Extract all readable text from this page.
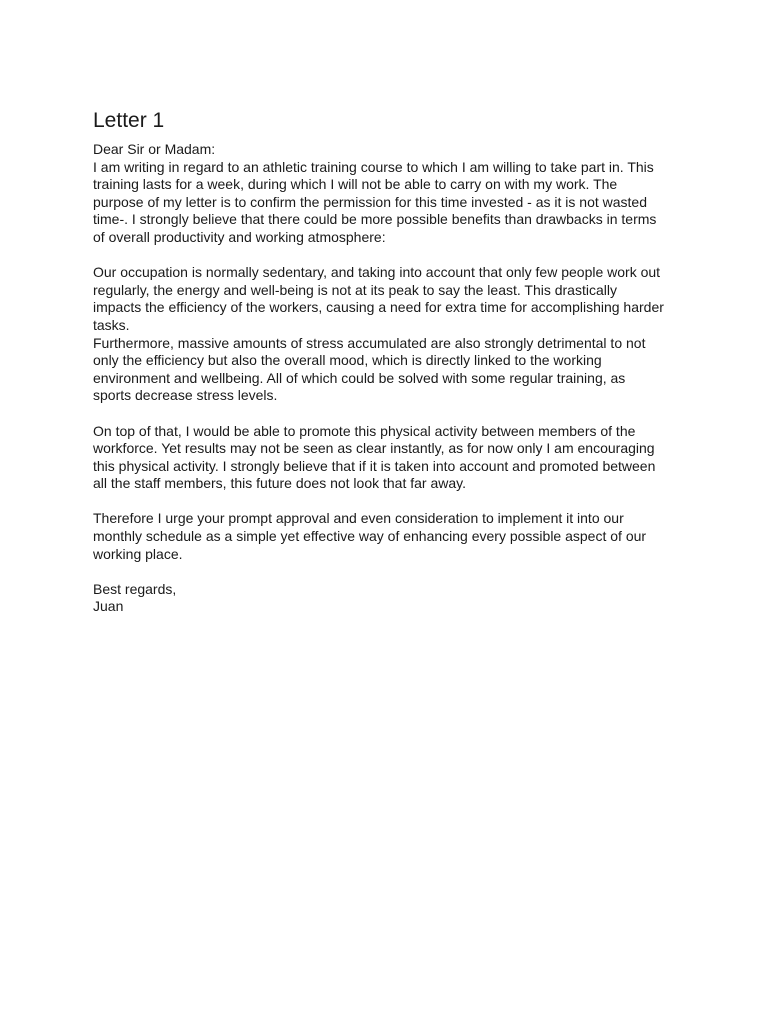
Letter 1
Dear Sir or Madam:
I am writing in regard to an athletic training course to which I am willing to take part in. This
training lasts for a week, during which I will not be able to carry on with my work. The
purpose of my letter is to confirm the permission for this time invested - as it is not wasted
time-. I strongly believe that there could be more possible benefits than drawbacks in terms
of overall productivity and working atmosphere:
Our occupation is normally sedentary, and taking into account that only few people work out
regularly, the energy and well-being is not at its peak to say the least. This drastically
impacts the efficiency of the workers, causing a need for extra time for accomplishing harder
tasks.
Furthermore, massive amounts of stress accumulated are also strongly detrimental to not
only the efficiency but also the overall mood, which is directly linked to the working
environment and wellbeing. All of which could be solved with some regular training, as
sports decrease stress levels.
On top of that, I would be able to promote this physical activity between members of the
workforce. Yet results may not be seen as clear instantly, as for now only I am encouraging
this physical activity. I strongly believe that if it is taken into account and promoted between
all the staff members, this future does not look that far away.
Therefore I urge your prompt approval and even consideration to implement it into our
monthly schedule as a simple yet effective way of enhancing every possible aspect of our
working place.
Best regards,
Juan
